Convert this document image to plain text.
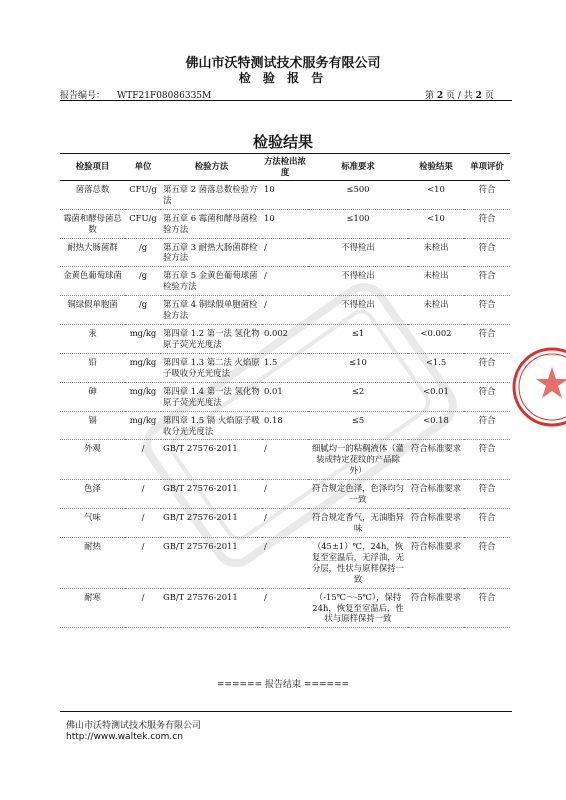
佛山市沃特测试技术服务有限公司
检 验 报 告
报告编号： WTF21F08086335M	第 2 页 / 共 2 页
检验结果
检验项目	单位	检验方法	方法检出浓度	标准要求	检验结果	单项评价
菌落总数	CFU/g	第五章 2 菌落总数检验方法	10	≤500	<10	符合
霉菌和酵母菌总数	CFU/g	第五章 6 霉菌和酵母菌检验方法	10	≤100	<10	符合
耐热大肠菌群	/g	第五章 3 耐热大肠菌群检验方法	/	不得检出	未检出	符合
金黄色葡萄球菌	/g	第五章 5 金黄色葡萄球菌检验方法	/	不得检出	未检出	符合
铜绿假单胞菌	/g	第五章 4 铜绿假单胞菌检验方法	/	不得检出	未检出	符合
汞	mg/kg	第四章 1.2 第一法 氢化物原子荧光光度法	0.002	≤1	<0.002	符合
铅	mg/kg	第四章 1.3 第二法 火焰原子吸收分光光度法	1.5	≤10	<1.5	符合
砷	mg/kg	第四章 1.4 第一法 氢化物原子荧光光度法	0.01	≤2	<0.01	符合
镉	mg/kg	第四章 1.5 镉 火焰原子吸收分光光度法	0.18	≤5	<0.18	符合
外观	/	GB/T 27576-2011	/	细腻均一的粘稠液体（灌装成特定花纹的产品除外）	符合标准要求	符合
色泽	/	GB/T 27576-2011	/	符合规定色泽，色泽均匀一致	符合标准要求	符合
气味	/	GB/T 27576-2011	/	符合规定香气，无油脂异味	符合标准要求	符合
耐热	/	GB/T 27576-2011	/	（45±1）℃，24h，恢复至室温后，无浮油，无分层，性状与原样保持一致	符合标准要求	符合
耐寒	/	GB/T 27576-2011	/	（-15℃～-5℃），保持24h，恢复至室温后，性状与原样保持一致	符合标准要求	符合
====== 报告结束 ======
佛山市沃特测试技术服务有限公司
http://www.waltek.com.cn
